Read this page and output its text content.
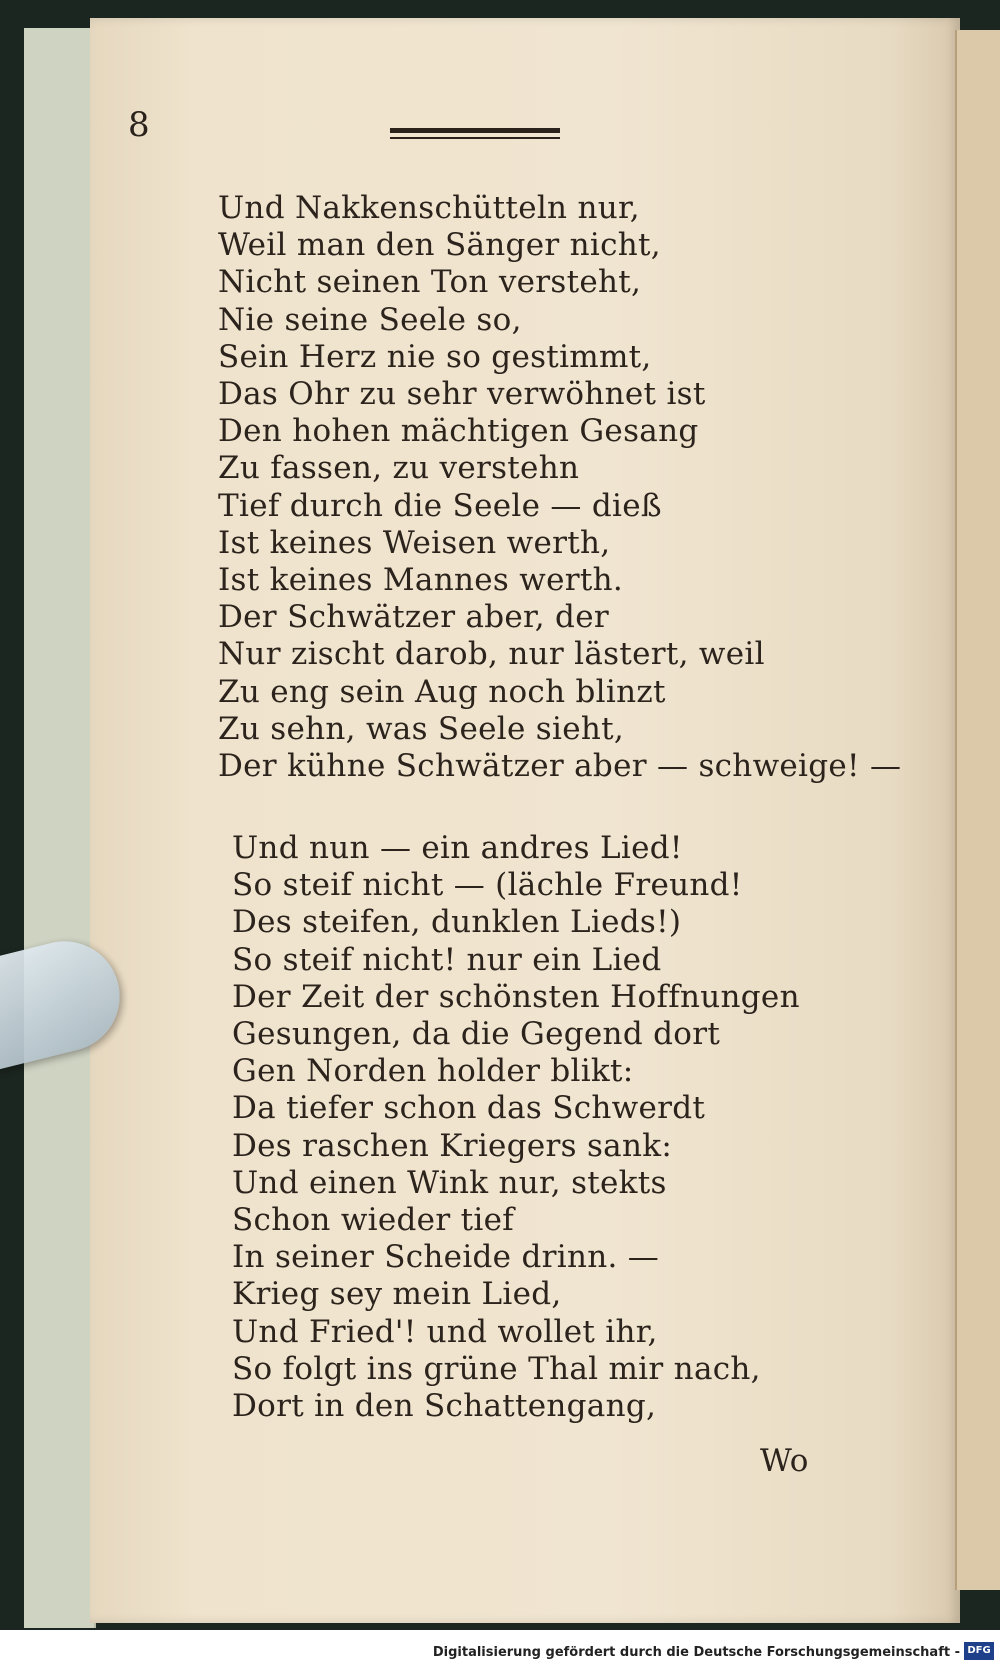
8
Und Nakkenschütteln nur,
Weil man den Sänger nicht,
Nicht seinen Ton versteht,
Nie seine Seele so,
Sein Herz nie so gestimmt,
Das Ohr zu sehr verwöhnet ist
Den hohen mächtigen Gesang
Zu fassen, zu verstehn
Tief durch die Seele — dieß
Ist keines Weisen werth,
Ist keines Mannes werth.
Der Schwätzer aber, der
Nur zischt darob, nur lästert, weil
Zu eng sein Aug noch blinzt
Zu sehn, was Seele sieht,
Der kühne Schwätzer aber — schweige! —
Und nun — ein andres Lied!
So steif nicht — (lächle Freund!
Des steifen, dunklen Lieds!)
So steif nicht! nur ein Lied
Der Zeit der schönsten Hoffnungen
Gesungen, da die Gegend dort
Gen Norden holder blikt:
Da tiefer schon das Schwerdt
Des raschen Kriegers sank:
Und einen Wink nur, stekts
Schon wieder tief
In seiner Scheide drinn. —
Krieg sey mein Lied,
Und Fried'! und wollet ihr,
So folgt ins grüne Thal mir nach,
Dort in den Schattengang,
Wo
Digitalisierung gefördert durch die Deutsche Forschungsgemeinschaft - DFG
